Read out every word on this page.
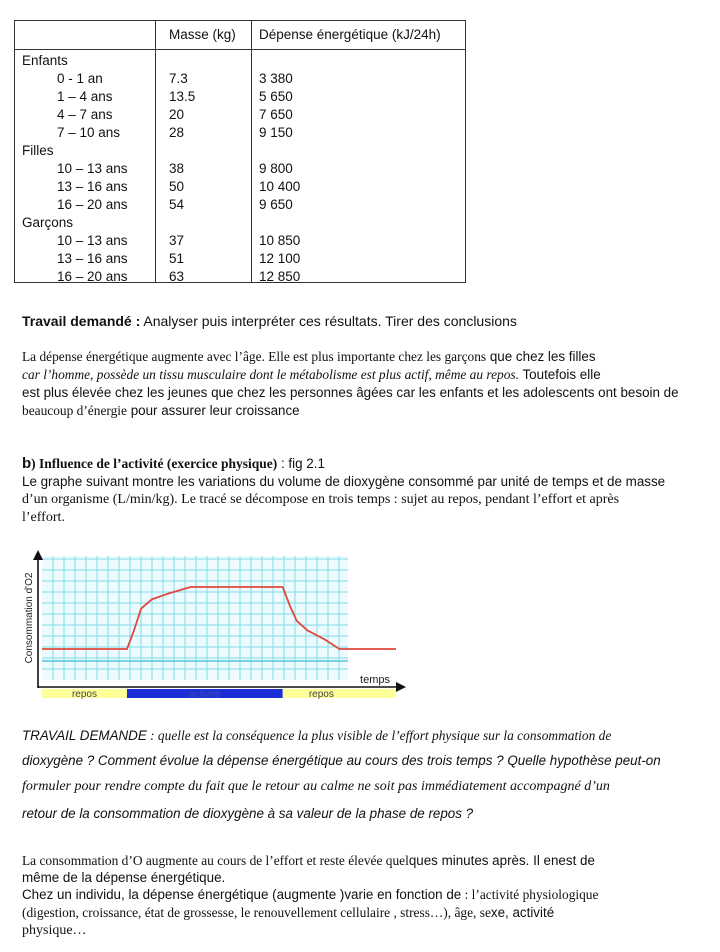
Masse (kg) Dépense énergétique (kJ/24h)
Enfants
0 - 1 an	7.3	3 380
1 – 4 ans	13.5	5 650
4 – 7 ans	20	7 650
7 – 10 ans	28	9 150
Filles
10 – 13 ans	38	9 800
13 – 16 ans	50	10 400
16 – 20 ans	54	9 650
Garçons
10 – 13 ans	37	10 850
13 – 16 ans	51	12 100
16 – 20 ans	63	12 850
Travail demandé : Analyser puis interpréter ces résultats. Tirer des conclusions
La dépense énergétique augmente avec l’âge. Elle est plus importante chez les garçons que chez les filles
car l’homme, possède un tissu musculaire dont le métabolisme est plus actif, même au repos. Toutefois elle
est plus élevée chez les jeunes que chez les personnes âgées car les enfants et les adolescents ont besoin de
beaucoup d’énergie pour assurer leur croissance
b) Influence de l’activité (exercice physique) : fig 2.1
Le graphe suivant montre les variations du volume de dioxygène consommé par unité de temps et de masse
d’un organisme (L/min/kg). Le tracé se décompose en trois temps : sujet au repos, pendant l’effort et après
l’effort.
repos	activité	repos
Consommation d'O2
temps
TRAVAIL DEMANDE : quelle est la conséquence la plus visible de l’effort physique sur la consommation de
dioxygène ? Comment évolue la dépense énergétique au cours des trois temps ? Quelle hypothèse peut-on
formuler pour rendre compte du fait que le retour au calme ne soit pas immédiatement accompagné d’un
retour de la consommation de dioxygène à sa valeur de la phase de repos ?
La consommation d’O augmente au cours de l’effort et reste élevée quelques minutes après. Il enest de
même de la dépense énergétique.
Chez un individu, la dépense énergétique (augmente )varie en fonction de : l’activité physiologique
(digestion, croissance, état de grossesse, le renouvellement cellulaire , stress…), âge, sexe, activité
physique…
